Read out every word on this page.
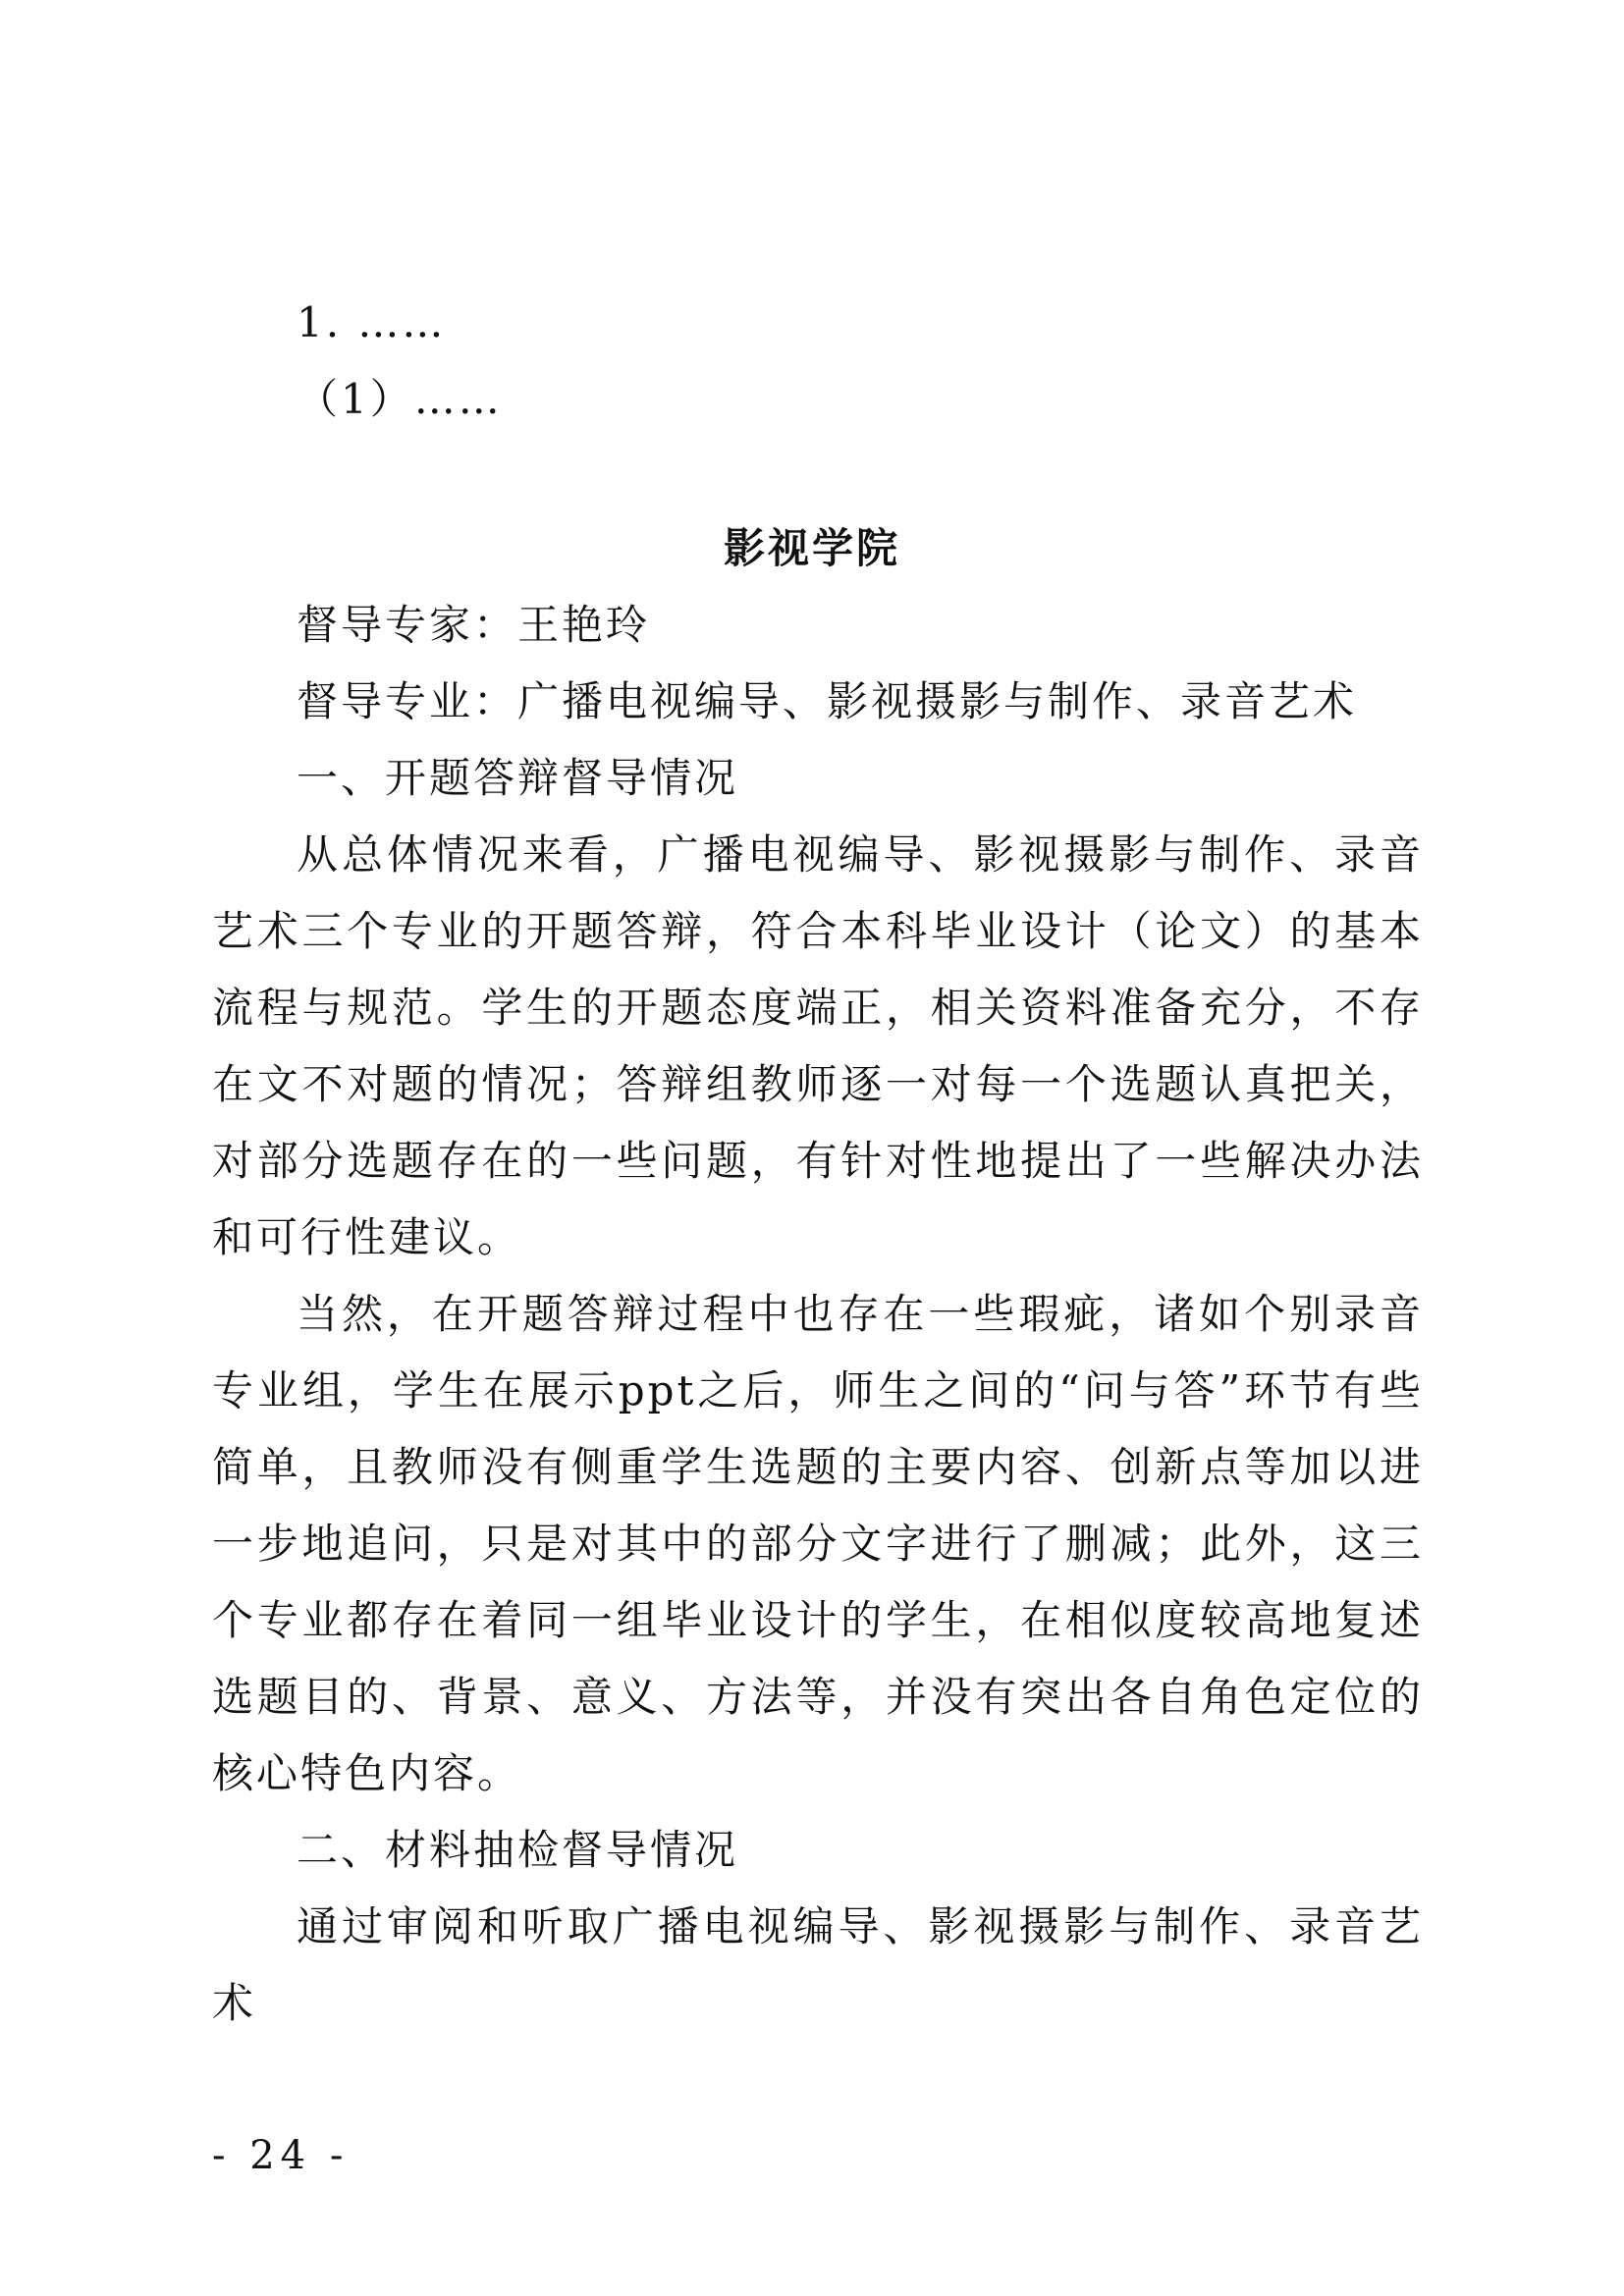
1. ……
（1）……
影视学院
督导专家：王艳玲
督导专业：广播电视编导、影视摄影与制作、录音艺术
一、开题答辩督导情况
从总体情况来看，广播电视编导、影视摄影与制作、录音艺术三个专业的开题答辩，符合本科毕业设计（论文）的基本流程与规范。学生的开题态度端正，相关资料准备充分，不存在文不对题的情况；答辩组教师逐一对每一个选题认真把关，对部分选题存在的一些问题，有针对性地提出了一些解决办法和可行性建议。
当然，在开题答辩过程中也存在一些瑕疵，诸如个别录音专业组，学生在展示ppt之后，师生之间的“问与答”环节有些简单，且教师没有侧重学生选题的主要内容、创新点等加以进一步地追问，只是对其中的部分文字进行了删减；此外，这三个专业都存在着同一组毕业设计的学生，在相似度较高地复述选题目的、背景、意义、方法等，并没有突出各自角色定位的核心特色内容。
二、材料抽检督导情况
通过审阅和听取广播电视编导、影视摄影与制作、录音艺术
- 24 -
